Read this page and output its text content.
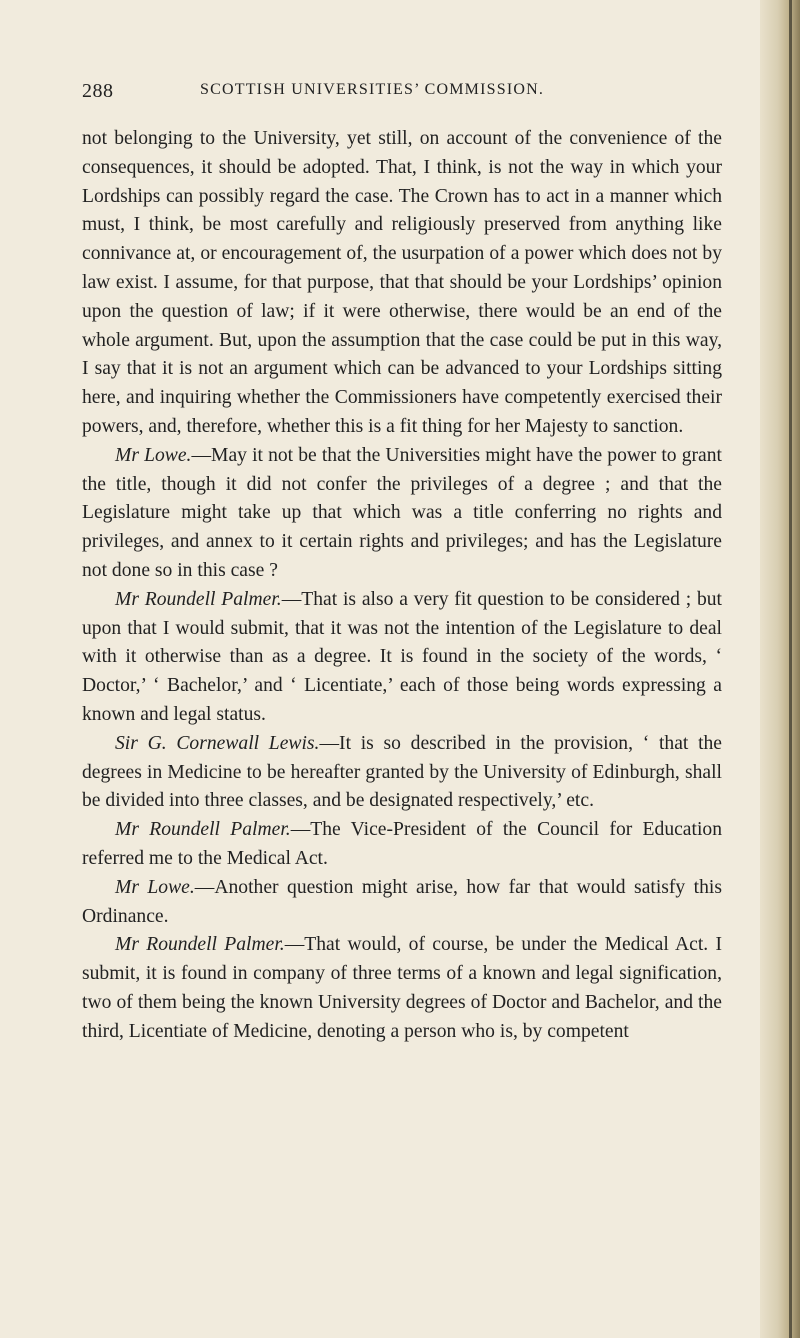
288	SCOTTISH UNIVERSITIES’ COMMISSION.

not belonging to the University, yet still, on account of the convenience of the consequences, it should be adopted. That, I think, is not the way in which your Lordships can possibly regard the case. The Crown has to act in a manner which must, I think, be most carefully and religiously preserved from anything like connivance at, or encouragement of, the usurpation of a power which does not by law exist. I assume, for that purpose, that that should be your Lordships’ opinion upon the question of law; if it were otherwise, there would be an end of the whole argument. But, upon the assumption that the case could be put in this way, I say that it is not an argument which can be advanced to your Lordships sitting here, and inquiring whether the Commissioners have competently exercised their powers, and, therefore, whether this is a fit thing for her Majesty to sanction.

Mr Lowe.—May it not be that the Universities might have the power to grant the title, though it did not confer the privileges of a degree ; and that the Legislature might take up that which was a title conferring no rights and privileges, and annex to it certain rights and privileges; and has the Legislature not done so in this case ?

Mr Roundell Palmer.—That is also a very fit question to be considered ; but upon that I would submit, that it was not the intention of the Legislature to deal with it otherwise than as a degree. It is found in the society of the words, ‘ Doctor,’ ‘ Bachelor,’ and ‘ Licentiate,’ each of those being words expressing a known and legal status.

Sir G. Cornewall Lewis.—It is so described in the provision, ‘ that the degrees in Medicine to be hereafter granted by the University of Edinburgh, shall be divided into three classes, and be designated respectively,’ etc.

Mr Roundell Palmer.—The Vice-President of the Council for Education referred me to the Medical Act.

Mr Lowe.—Another question might arise, how far that would satisfy this Ordinance.

Mr Roundell Palmer.—That would, of course, be under the Medical Act. I submit, it is found in company of three terms of a known and legal signification, two of them being the known University degrees of Doctor and Bachelor, and the third, Licentiate of Medicine, denoting a person who is, by competent
